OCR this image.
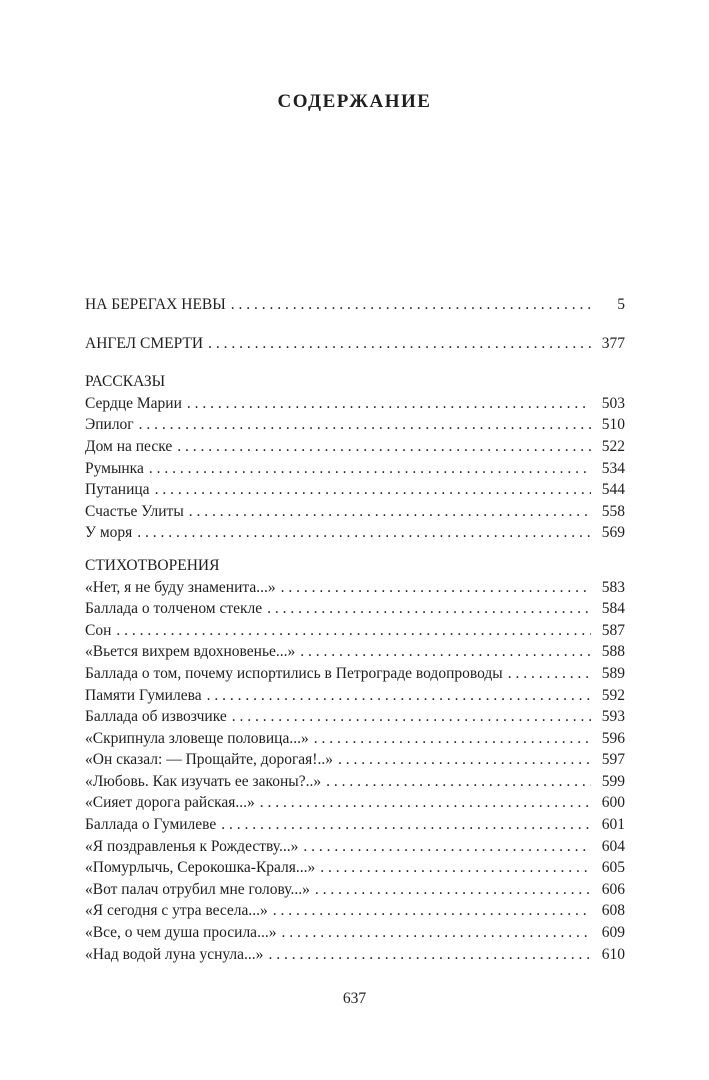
СОДЕРЖАНИЕ
НА БЕРЕГАХ НЕВЫ . . .	5
АНГЕЛ СМЕРТИ . . .	377
РАССКАЗЫ
Сердце Марии . . .	503
Эпилог . . .	510
Дом на песке . . .	522
Румынка . . .	534
Путаница . . .	544
Счастье Улиты . . .	558
У моря . . .	569
СТИХОТВОРЕНИЯ
«Нет, я не буду знаменита...» . . .	583
Баллада о толченом стекле . . .	584
Сон . . .	587
«Вьется вихрем вдохновенье...» . . .	588
Баллада о том, почему испортились в Петрограде водопроводы . . .	589
Памяти Гумилева . . .	592
Баллада об извозчике . . .	593
«Скрипнула зловеще половица...» . . .	596
«Он сказал: — Прощайте, дорогая!..» . . .	597
«Любовь. Как изучать ее законы?..» . . .	599
«Сияет дорога райская...» . . .	600
Баллада о Гумилеве . . .	601
«Я поздравленья к Рождеству...» . . .	604
«Помурлычь, Серокошка-Краля...» . . .	605
«Вот палач отрубил мне голову...» . . .	606
«Я сегодня с утра весела...» . . .	608
«Все, о чем душа просила...» . . .	609
«Над водой луна уснула...» . . .	610
637
